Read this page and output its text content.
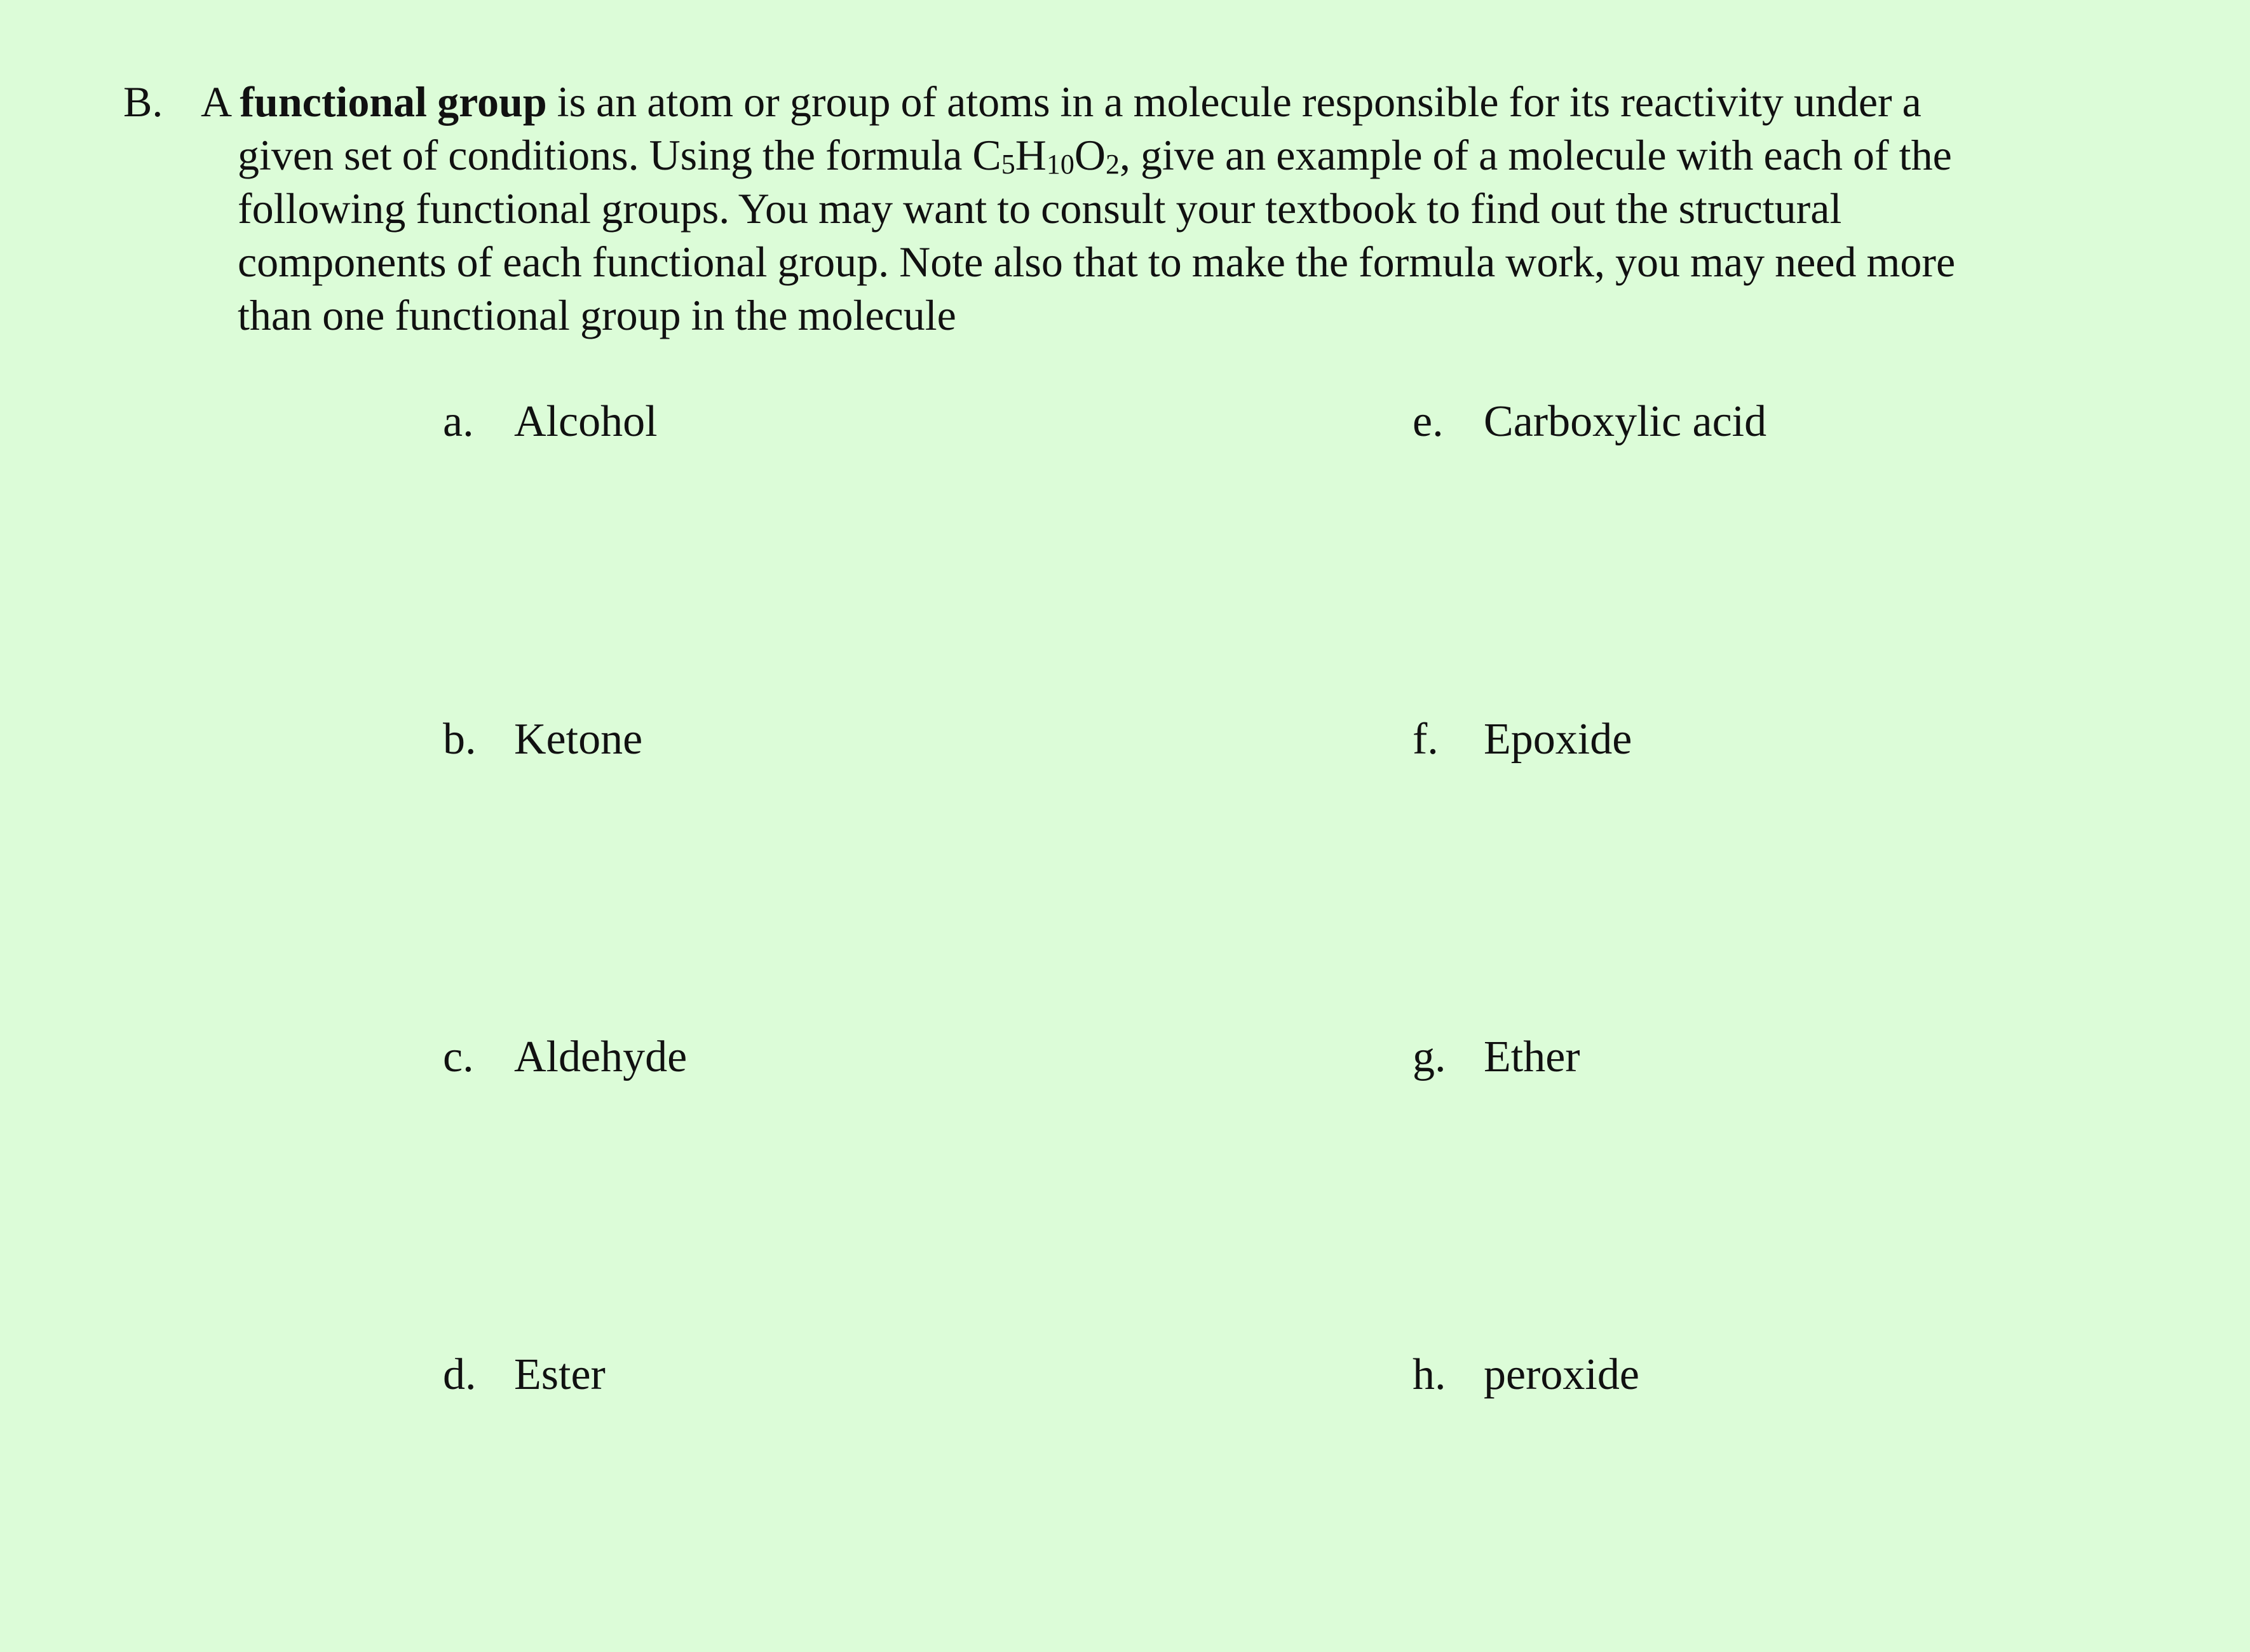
B. A functional group is an atom or group of atoms in a molecule responsible for its reactivity under a
given set of conditions. Using the formula $C_5H_{10}O_2$, give an example of a molecule with each of the
following functional groups. You may want to consult your textbook to find out the structural
components of each functional group. Note also that to make the formula work, you may need more
than one functional group in the molecule
a. Alcohol
b. Ketone
c. Aldehyde
d. Ester
e. Carboxylic acid
f. Epoxide
g. Ether
h. peroxide
